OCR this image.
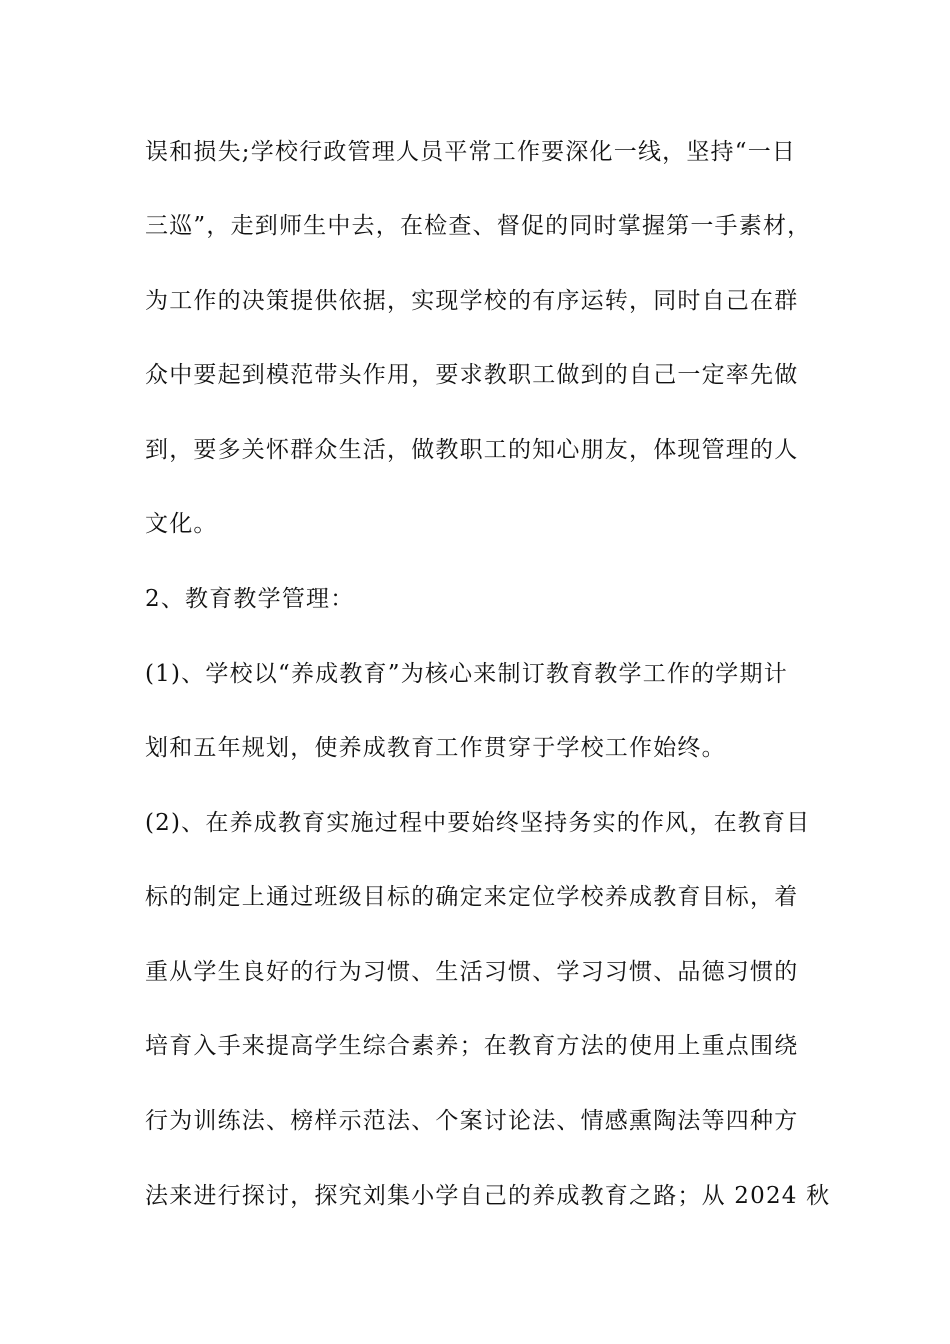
误和损失;学校行政管理人员平常工作要深化一线，坚持“一日
三巡”，走到师生中去，在检查、督促的同时掌握第一手素材，
为工作的决策提供依据，实现学校的有序运转，同时自己在群
众中要起到模范带头作用，要求教职工做到的自己一定率先做
到，要多关怀群众生活，做教职工的知心朋友，体现管理的人
文化。
2、教育教学管理：
(1)、学校以“养成教育”为核心来制订教育教学工作的学期计
划和五年规划，使养成教育工作贯穿于学校工作始终。
(2)、在养成教育实施过程中要始终坚持务实的作风，在教育目
标的制定上通过班级目标的确定来定位学校养成教育目标，着
重从学生良好的行为习惯、生活习惯、学习习惯、品德习惯的
培育入手来提高学生综合素养；在教育方法的使用上重点围绕
行为训练法、榜样示范法、个案讨论法、情感熏陶法等四种方
法来进行探讨，探究刘集小学自己的养成教育之路；从 2024 秋
